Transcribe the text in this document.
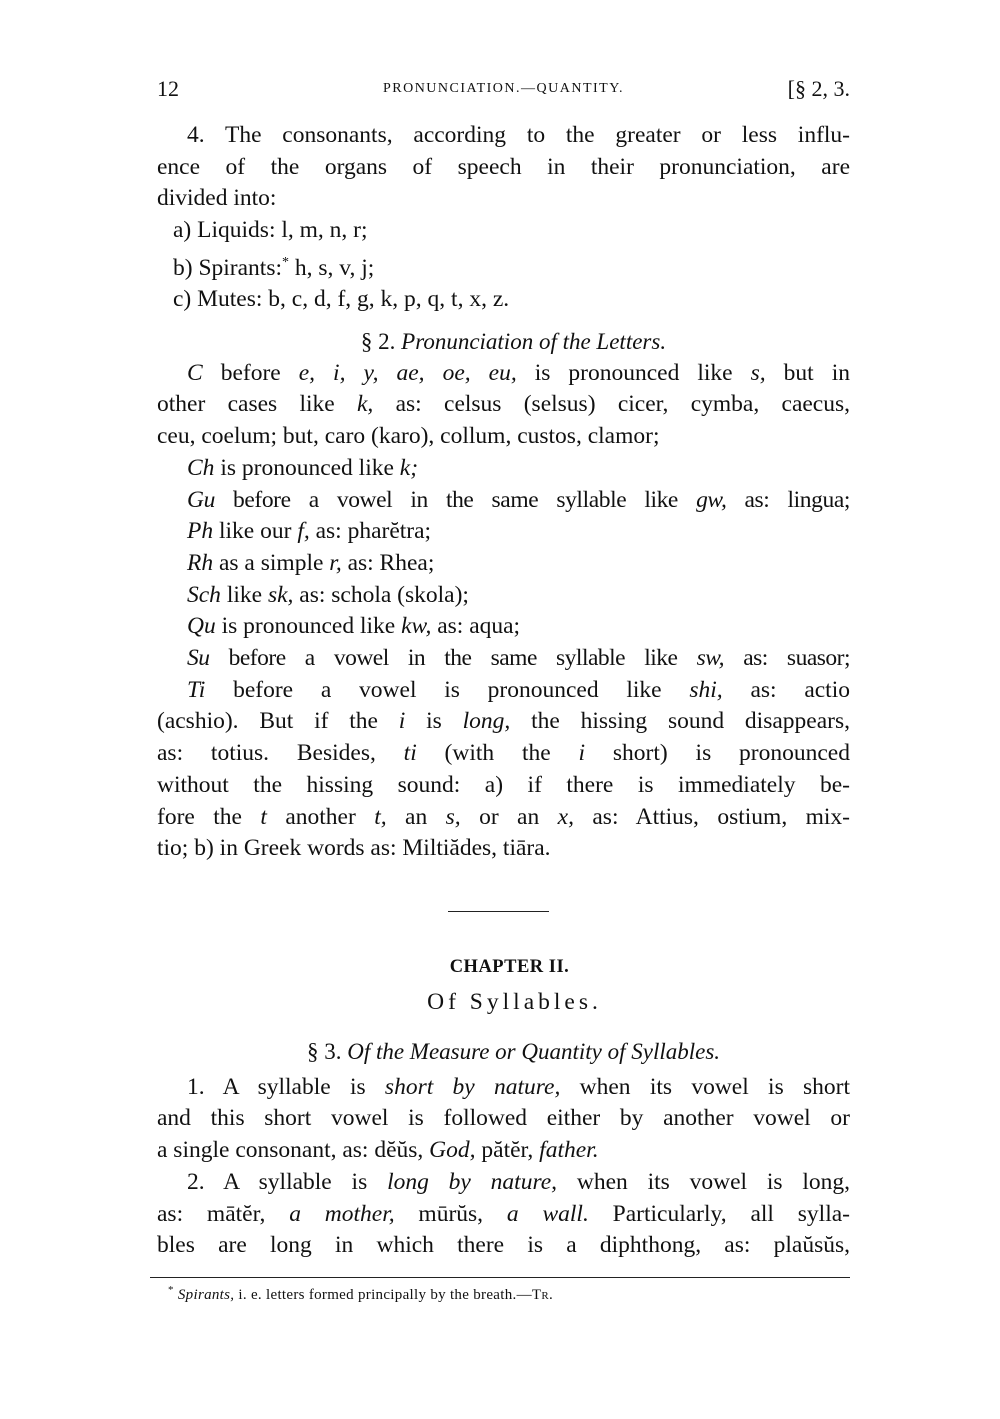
12	PRONUNCIATION.—QUANTITY.	[§ 2, 3.
4. The consonants, according to the greater or less influ-
ence of the organs of speech in their pronunciation, are
divided into:
a) Liquids: l, m, n, r;
b) Spirants:* h, s, v, j;
c) Mutes: b, c, d, f, g, k, p, q, t, x, z.
§ 2. Pronunciation of the Letters.
C before e, i, y, ae, oe, eu, is pronounced like s, but in
other cases like k, as: celsus (selsus) cicer, cymba, caecus,
ceu, coelum; but, caro (karo), collum, custos, clamor;
Ch is pronounced like k;
Gu before a vowel in the same syllable like gw, as: lingua;
Ph like our f, as: pharĕtra;
Rh as a simple r, as: Rhea;
Sch like sk, as: schola (skola);
Qu is pronounced like kw, as: aqua;
Su before a vowel in the same syllable like sw, as: suasor;
Ti before a vowel is pronounced like shi, as: actio
(acshio). But if the i is long, the hissing sound disappears,
as: totius. Besides, ti (with the i short) is pronounced
without the hissing sound: a) if there is immediately be-
fore the t another t, an s, or an x, as: Attius, ostium, mix-
tio; b) in Greek words as: Miltiădes, tiāra.
CHAPTER II.
Of Syllables.
§ 3. Of the Measure or Quantity of Syllables.
1. A syllable is short by nature, when its vowel is short
and this short vowel is followed either by another vowel or
a single consonant, as: dĕŭs, God, pătĕr, father.
2. A syllable is long by nature, when its vowel is long,
as: mātĕr, a mother, mūrŭs, a wall. Particularly, all sylla-
bles are long in which there is a diphthong, as: plaŭsŭs,
* Spirants, i. e. letters formed principally by the breath.—Tr.
